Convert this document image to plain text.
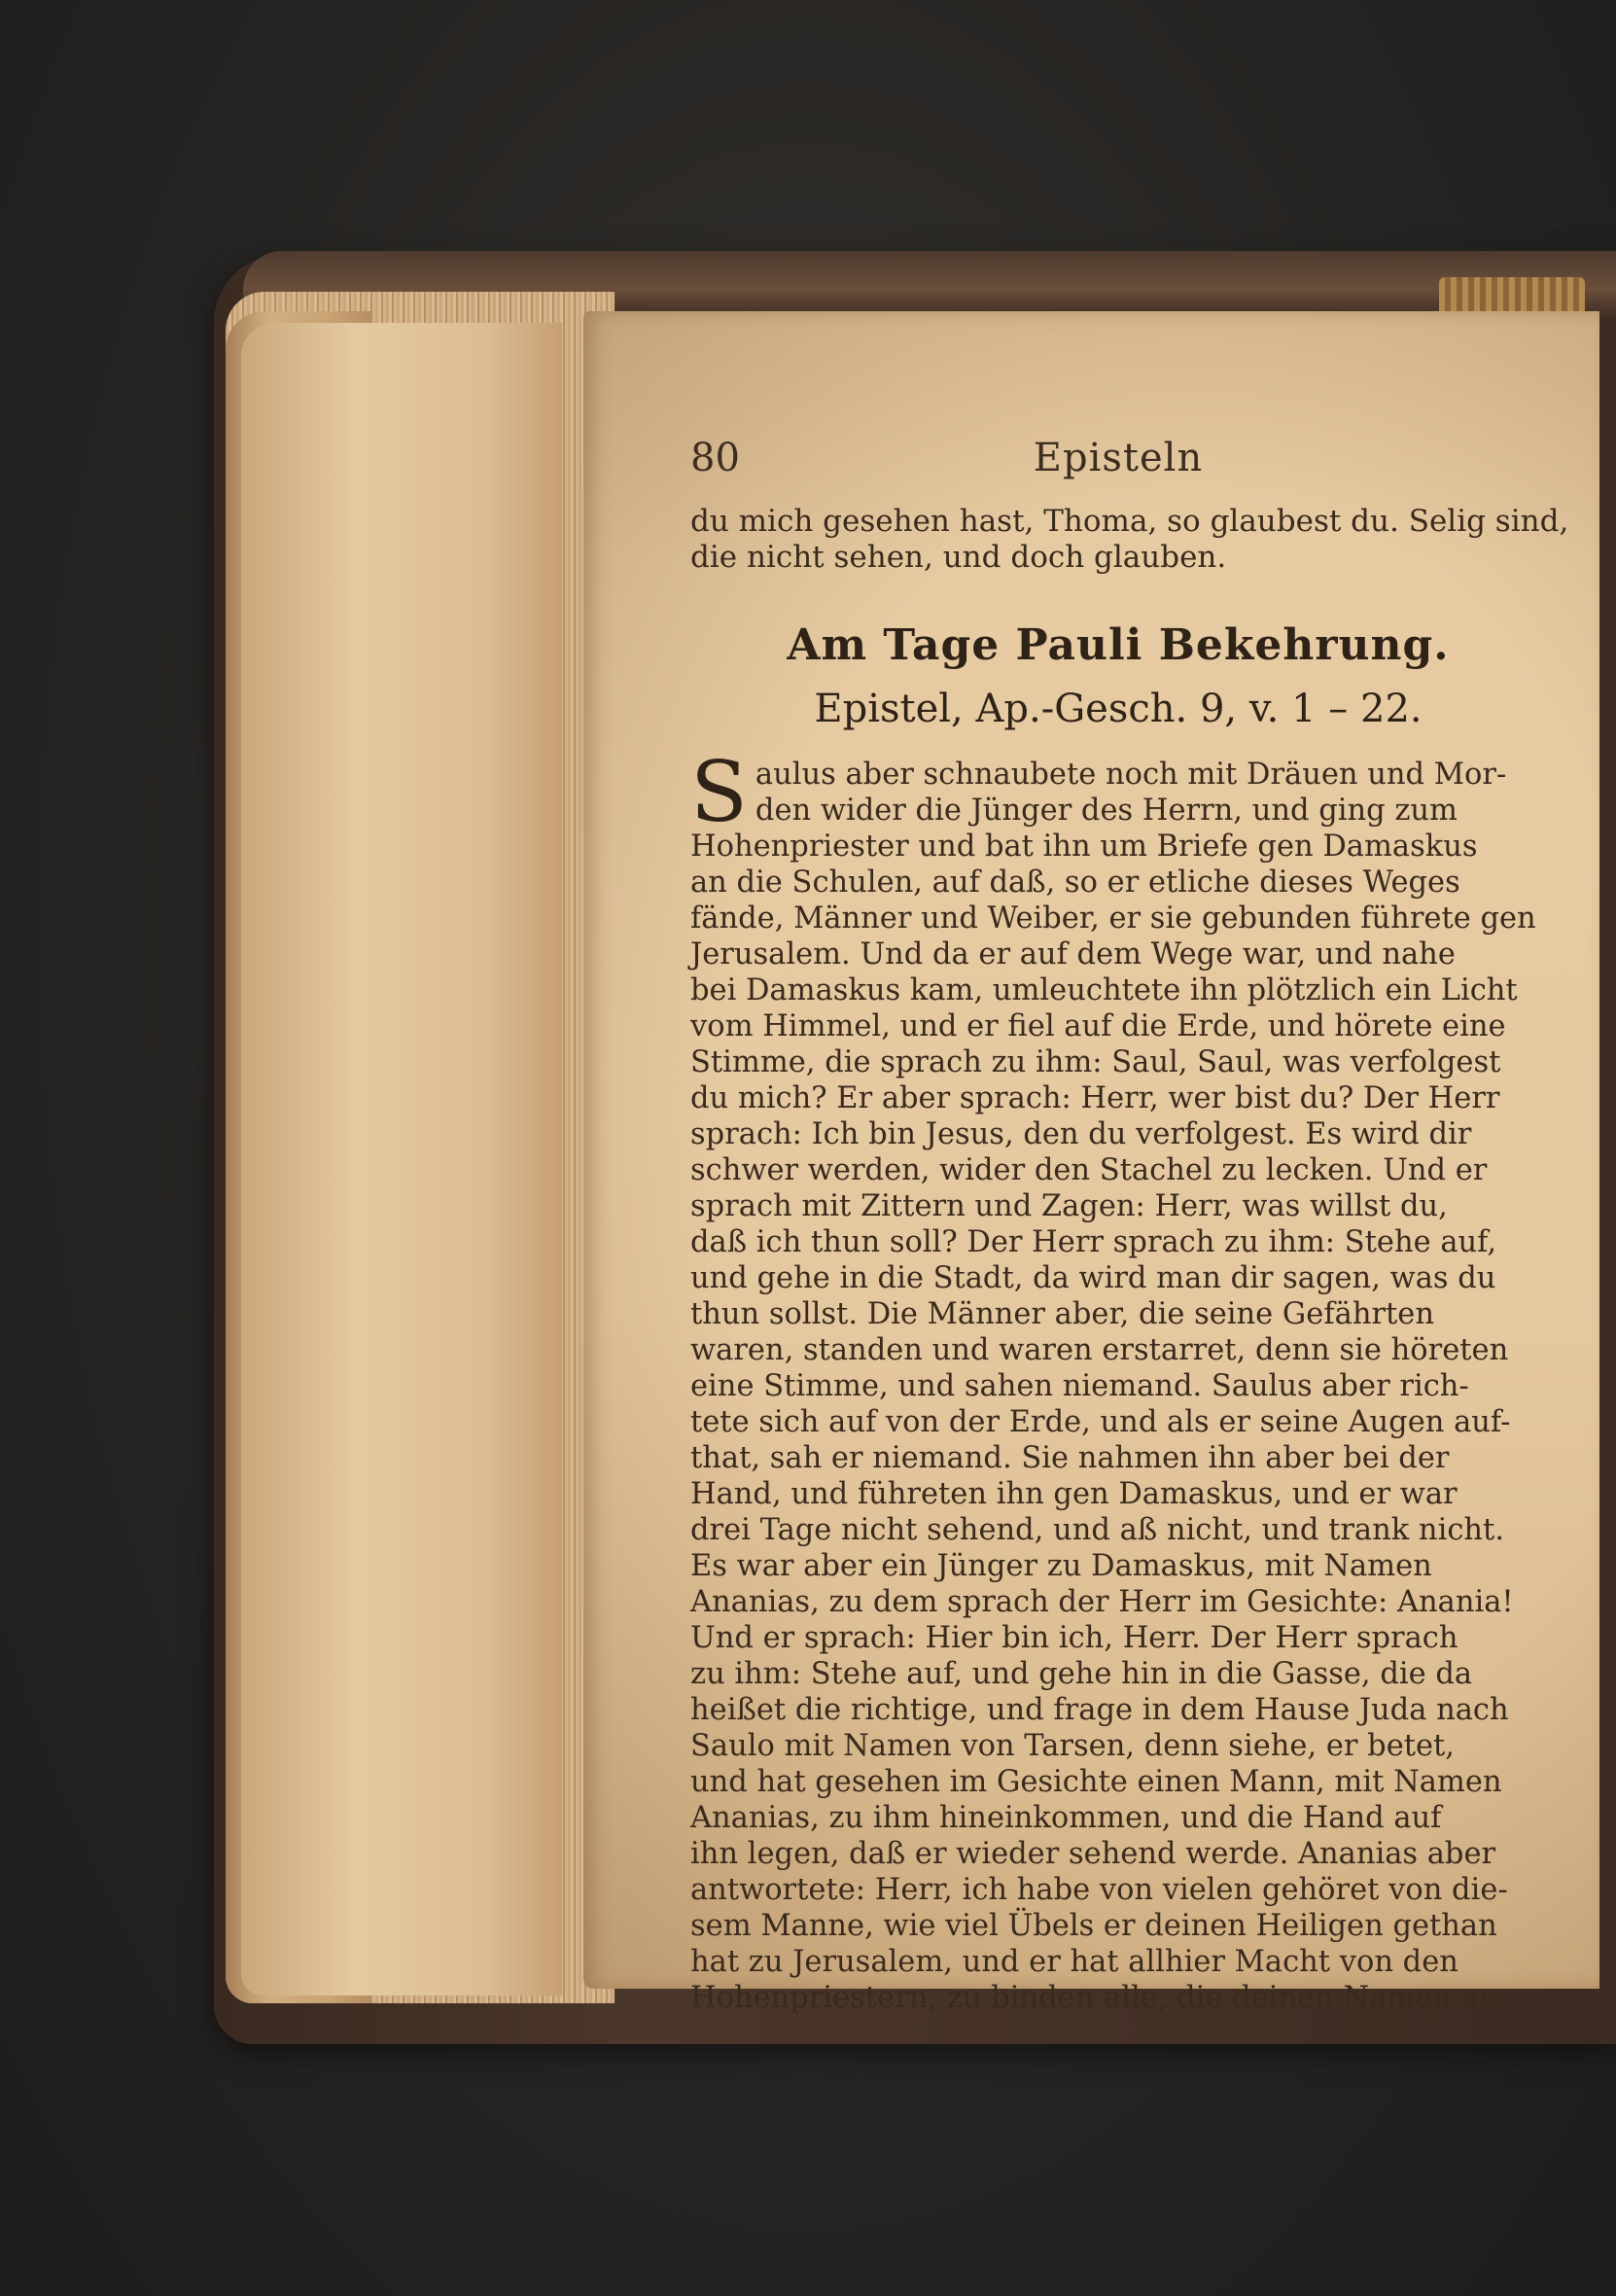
80	Episteln
du mich gesehen hast, Thoma, so glaubest du. Selig sind,
die nicht sehen, und doch glauben.
Am Tage Pauli Bekehrung.
Epistel, Ap.-Gesch. 9, v. 1 – 22.
S aulus aber schnaubete noch mit Dräuen und Mor-
den wider die Jünger des Herrn, und ging zum
Hohenpriester und bat ihn um Briefe gen Damaskus
an die Schulen, auf daß, so er etliche dieses Weges
fände, Männer und Weiber, er sie gebunden führete gen
Jerusalem. Und da er auf dem Wege war, und nahe
bei Damaskus kam, umleuchtete ihn plötzlich ein Licht
vom Himmel, und er fiel auf die Erde, und hörete eine
Stimme, die sprach zu ihm: Saul, Saul, was verfolgest
du mich? Er aber sprach: Herr, wer bist du? Der Herr
sprach: Ich bin Jesus, den du verfolgest. Es wird dir
schwer werden, wider den Stachel zu lecken. Und er
sprach mit Zittern und Zagen: Herr, was willst du,
daß ich thun soll? Der Herr sprach zu ihm: Stehe auf,
und gehe in die Stadt, da wird man dir sagen, was du
thun sollst. Die Männer aber, die seine Gefährten
waren, standen und waren erstarret, denn sie höreten
eine Stimme, und sahen niemand. Saulus aber rich-
tete sich auf von der Erde, und als er seine Augen auf-
that, sah er niemand. Sie nahmen ihn aber bei der
Hand, und führeten ihn gen Damaskus, und er war
drei Tage nicht sehend, und aß nicht, und trank nicht.
Es war aber ein Jünger zu Damaskus, mit Namen
Ananias, zu dem sprach der Herr im Gesichte: Anania!
Und er sprach: Hier bin ich, Herr. Der Herr sprach
zu ihm: Stehe auf, und gehe hin in die Gasse, die da
heißet die richtige, und frage in dem Hause Juda nach
Saulo mit Namen von Tarsen, denn siehe, er betet,
und hat gesehen im Gesichte einen Mann, mit Namen
Ananias, zu ihm hineinkommen, und die Hand auf
ihn legen, daß er wieder sehend werde. Ananias aber
antwortete: Herr, ich habe von vielen gehöret von die-
sem Manne, wie viel Übels er deinen Heiligen gethan
hat zu Jerusalem, und er hat allhier Macht von den
Hohenpriestern, zu binden alle, die deinen Namen an-
